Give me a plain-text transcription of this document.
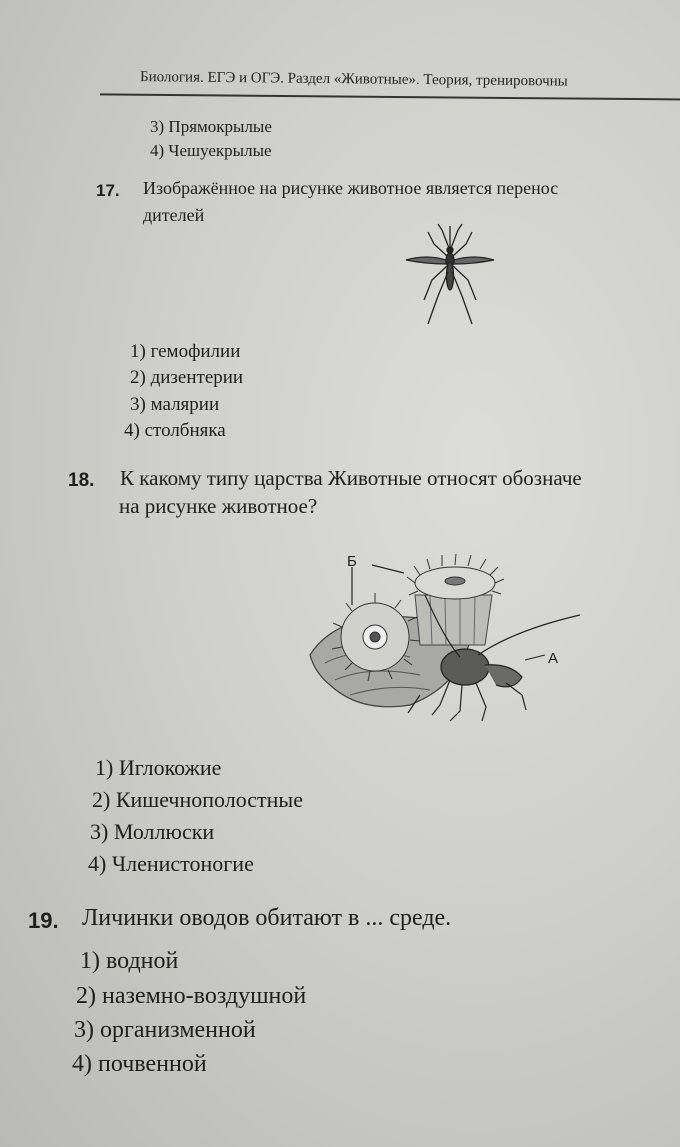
Биология. ЕГЭ и ОГЭ. Раздел «Животные». Теория, тренировочны
3) Прямокрылые
4) Чешуекрылые
17. Изображённое на рисунке животное является перенос
дителей
1) гемофилии
2) дизентерии
3) малярии
4) столбняка
18. К какому типу царства Животные относят обозначе
на рисунке животное?
Б
А
1) Иглокожие
2) Кишечнополостные
3) Моллюски
4) Членистоногие
19. Личинки оводов обитают в ... среде.
1) водной
2) наземно-воздушной
3) организменной
4) почвенной
